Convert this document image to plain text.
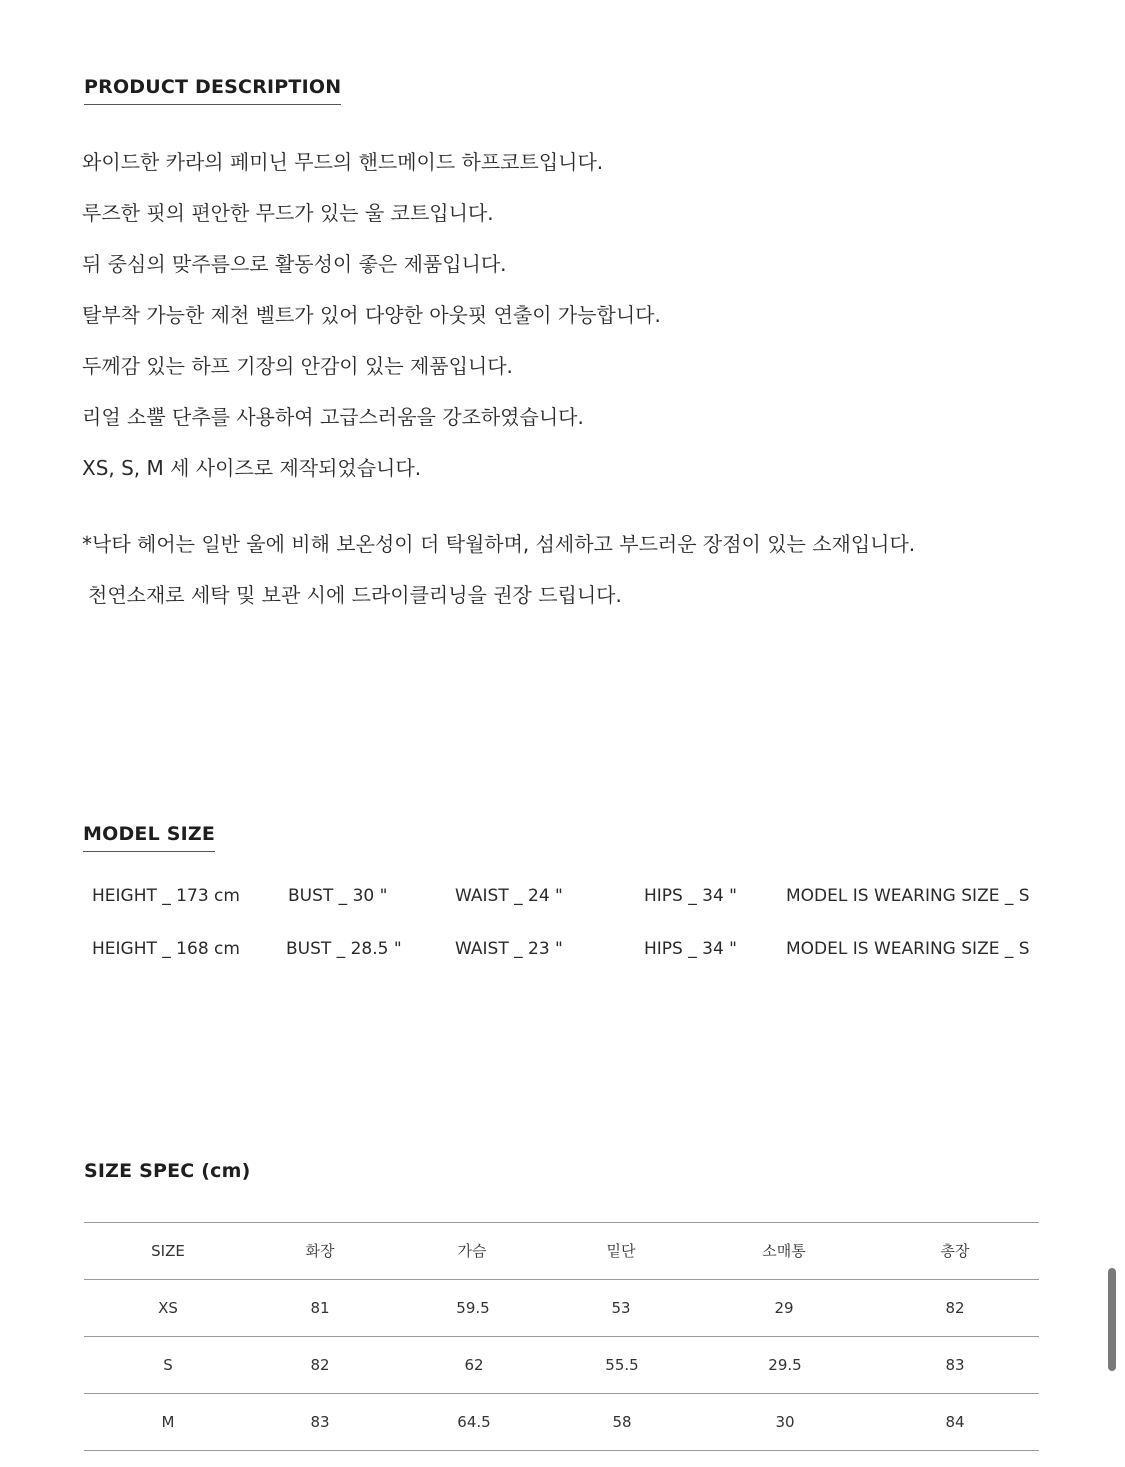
PRODUCT DESCRIPTION
와이드한 카라의 페미닌 무드의 핸드메이드 하프코트입니다.
루즈한 핏의 편안한 무드가 있는 울 코트입니다.
뒤 중심의 맞주름으로 활동성이 좋은 제품입니다.
탈부착 가능한 제천 벨트가 있어 다양한 아웃핏 연출이 가능합니다.
두께감 있는 하프 기장의 안감이 있는 제품입니다.
리얼 소뿔 단추를 사용하여 고급스러움을 강조하였습니다.
XS, S, M 세 사이즈로 제작되었습니다.
*낙타 헤어는 일반 울에 비해 보온성이 더 탁월하며, 섬세하고 부드러운 장점이 있는 소재입니다.
천연소재로 세탁 및 보관 시에 드라이클리닝을 권장 드립니다.
MODEL SIZE
HEIGHT _ 173 cm	BUST _ 30 "	WAIST _ 24 "	HIPS _ 34 "	MODEL IS WEARING SIZE _ S
HEIGHT _ 168 cm	BUST _ 28.5 "	WAIST _ 23 "	HIPS _ 34 "	MODEL IS WEARING SIZE _ S
SIZE SPEC (cm)
SIZE	화장	가슴	밑단	소매통	총장
XS	81	59.5	53	29	82
S	82	62	55.5	29.5	83
M	83	64.5	58	30	84
